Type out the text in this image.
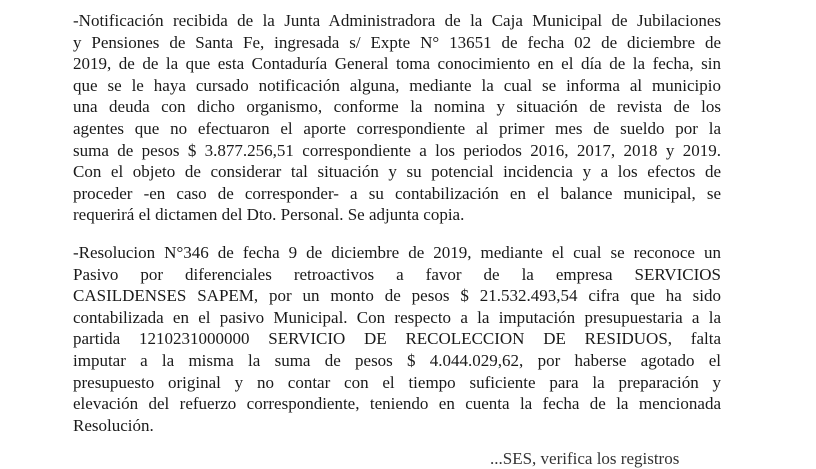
-Notificación recibida de la Junta Administradora de la Caja Municipal de Jubilaciones
y Pensiones de Santa Fe, ingresada s/ Expte N° 13651 de fecha 02 de diciembre de
2019, de de la que esta Contaduría General toma conocimiento en el día de la fecha, sin
que se le haya cursado notificación alguna, mediante la cual se informa al municipio
una deuda con dicho organismo, conforme la nomina y situación de revista de los
agentes que no efectuaron el aporte correspondiente al primer mes de sueldo por la
suma de pesos $ 3.877.256,51 correspondiente a los periodos 2016, 2017, 2018 y 2019.
Con el objeto de considerar tal situación y su potencial incidencia y a los efectos de
proceder -en caso de corresponder- a su contabilización en el balance municipal, se
requerirá el dictamen del Dto. Personal. Se adjunta copia.
-Resolucion N°346 de fecha 9 de diciembre de 2019, mediante el cual se reconoce un
Pasivo por diferenciales retroactivos a favor de la empresa SERVICIOS
CASILDENSES SAPEM, por un monto de pesos $ 21.532.493,54 cifra que ha sido
contabilizada en el pasivo Municipal. Con respecto a la imputación presupuestaria a la
partida 1210231000000 SERVICIO DE RECOLECCION DE RESIDUOS, falta
imputar a la misma la suma de pesos $ 4.044.029,62, por haberse agotado el
presupuesto original y no contar con el tiempo suficiente para la preparación y
elevación del refuerzo correspondiente, teniendo en cuenta la fecha de la mencionada
Resolución.
...SES, verifica los registros
